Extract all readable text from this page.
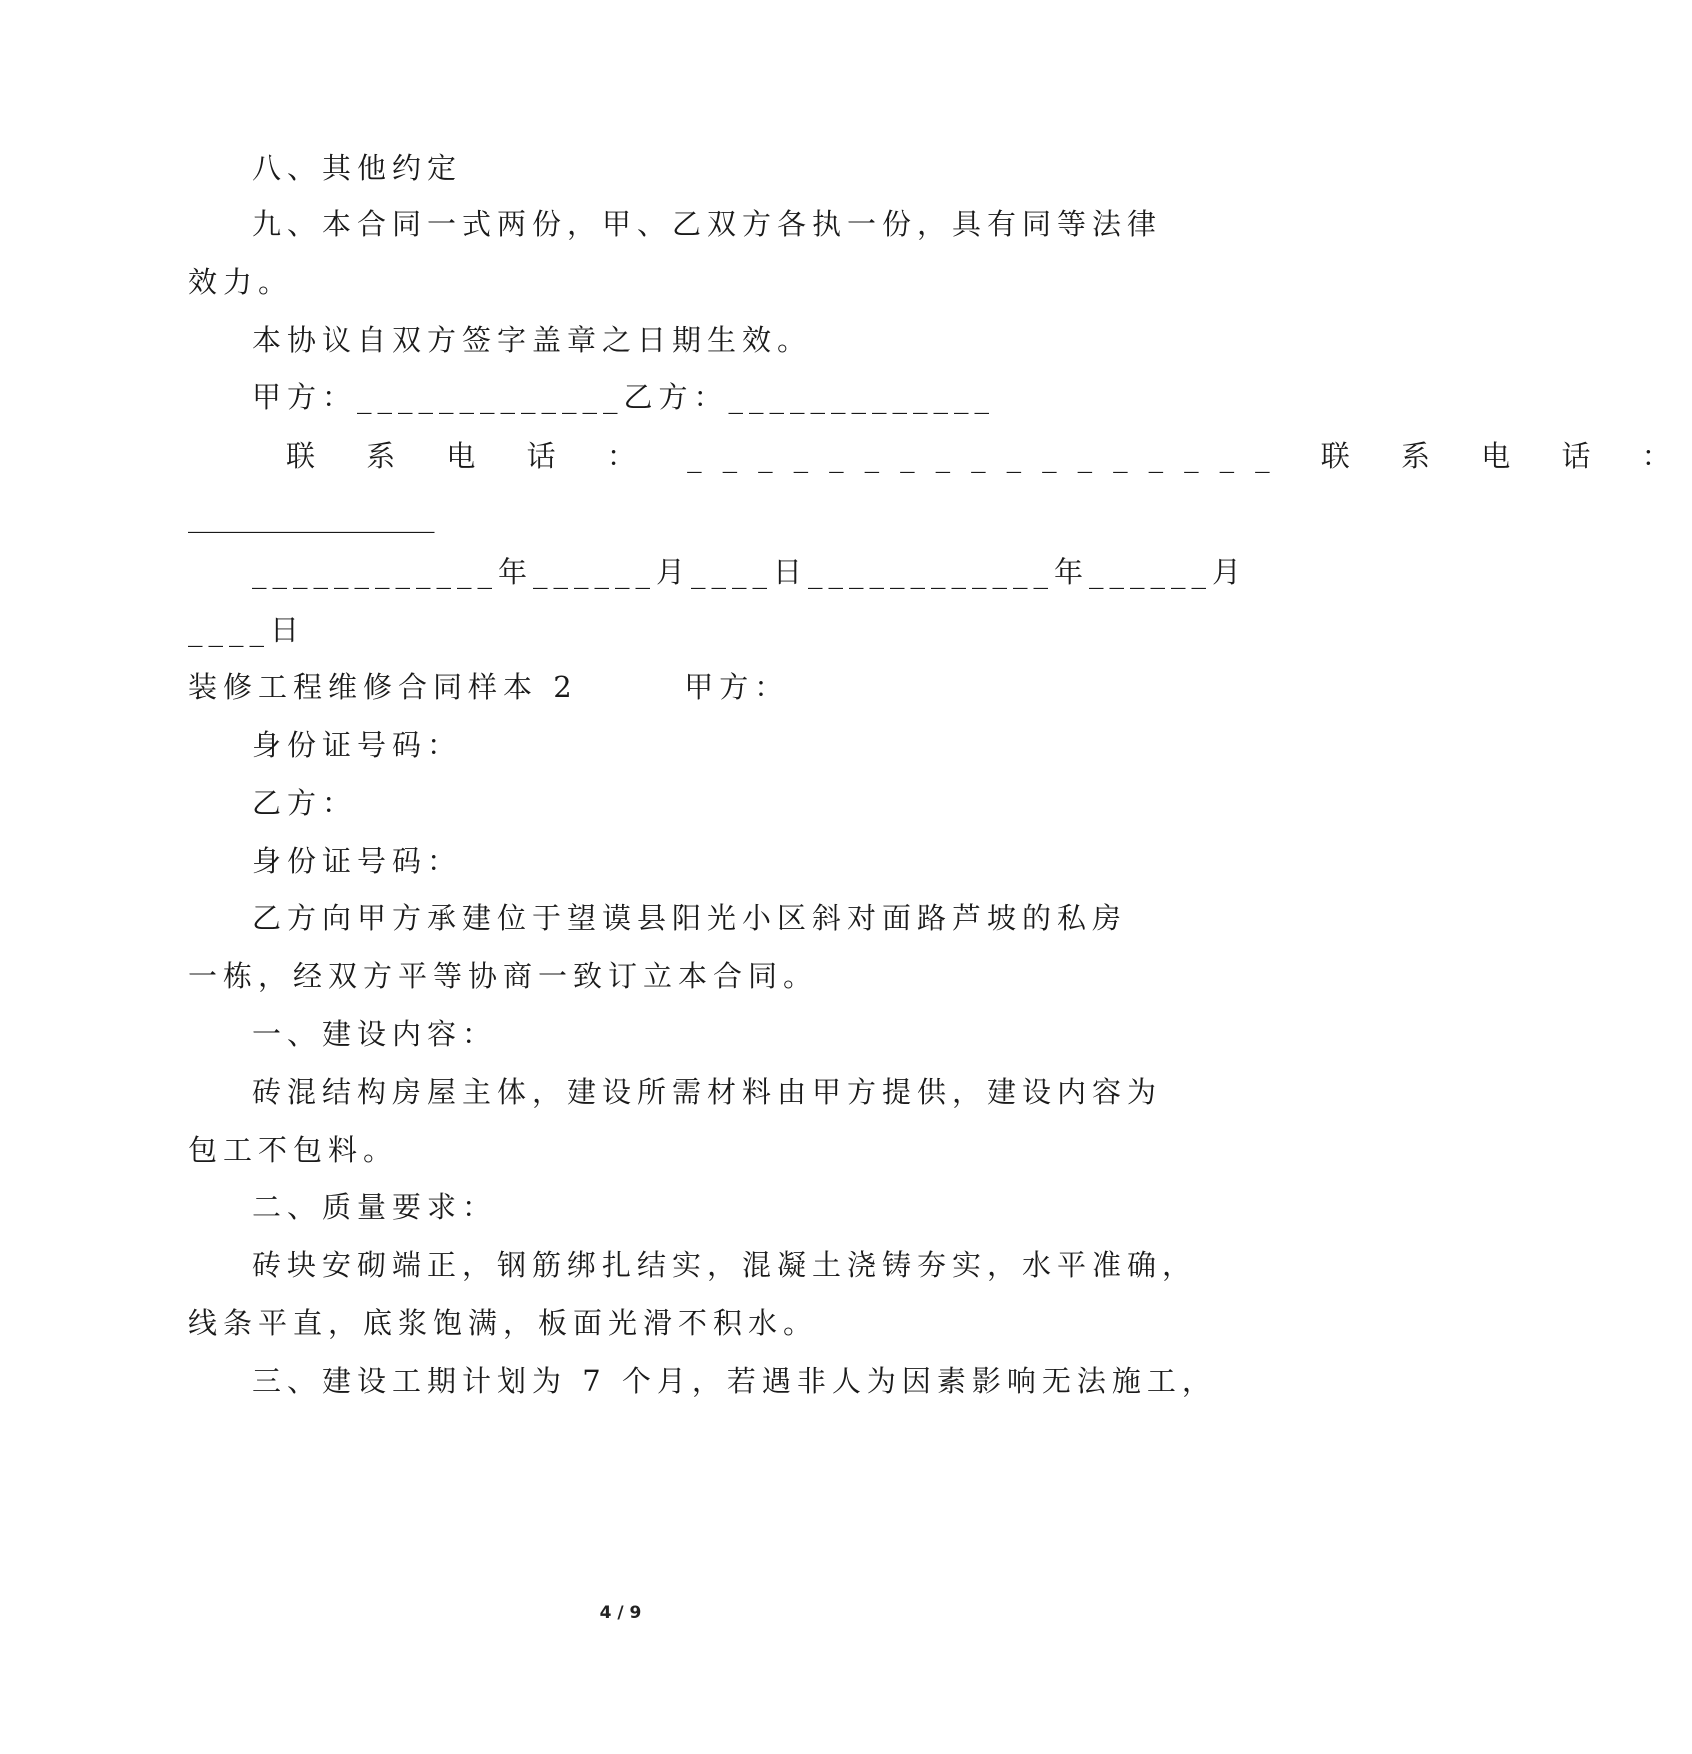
八、其他约定
九、本合同一式两份，甲、乙双方各执一份，具有同等法律
效力。
本协议自双方签字盖章之日期生效。
甲方：_____________乙方：_____________
联 系 电 话 ： _________________ 联 系 电 话 ：
_________________
____________年______月____日____________年______月
____日
装修工程维修合同样本 2       甲方：
身份证号码：
乙方：
身份证号码：
乙方向甲方承建位于望谟县阳光小区斜对面路芦坡的私房
一栋，经双方平等协商一致订立本合同。
一、建设内容：
砖混结构房屋主体，建设所需材料由甲方提供，建设内容为
包工不包料。
二、质量要求：
砖块安砌端正，钢筋绑扎结实，混凝土浇铸夯实，水平准确，
线条平直，底浆饱满，板面光滑不积水。
三、建设工期计划为 7 个月，若遇非人为因素影响无法施工，
4 / 9
